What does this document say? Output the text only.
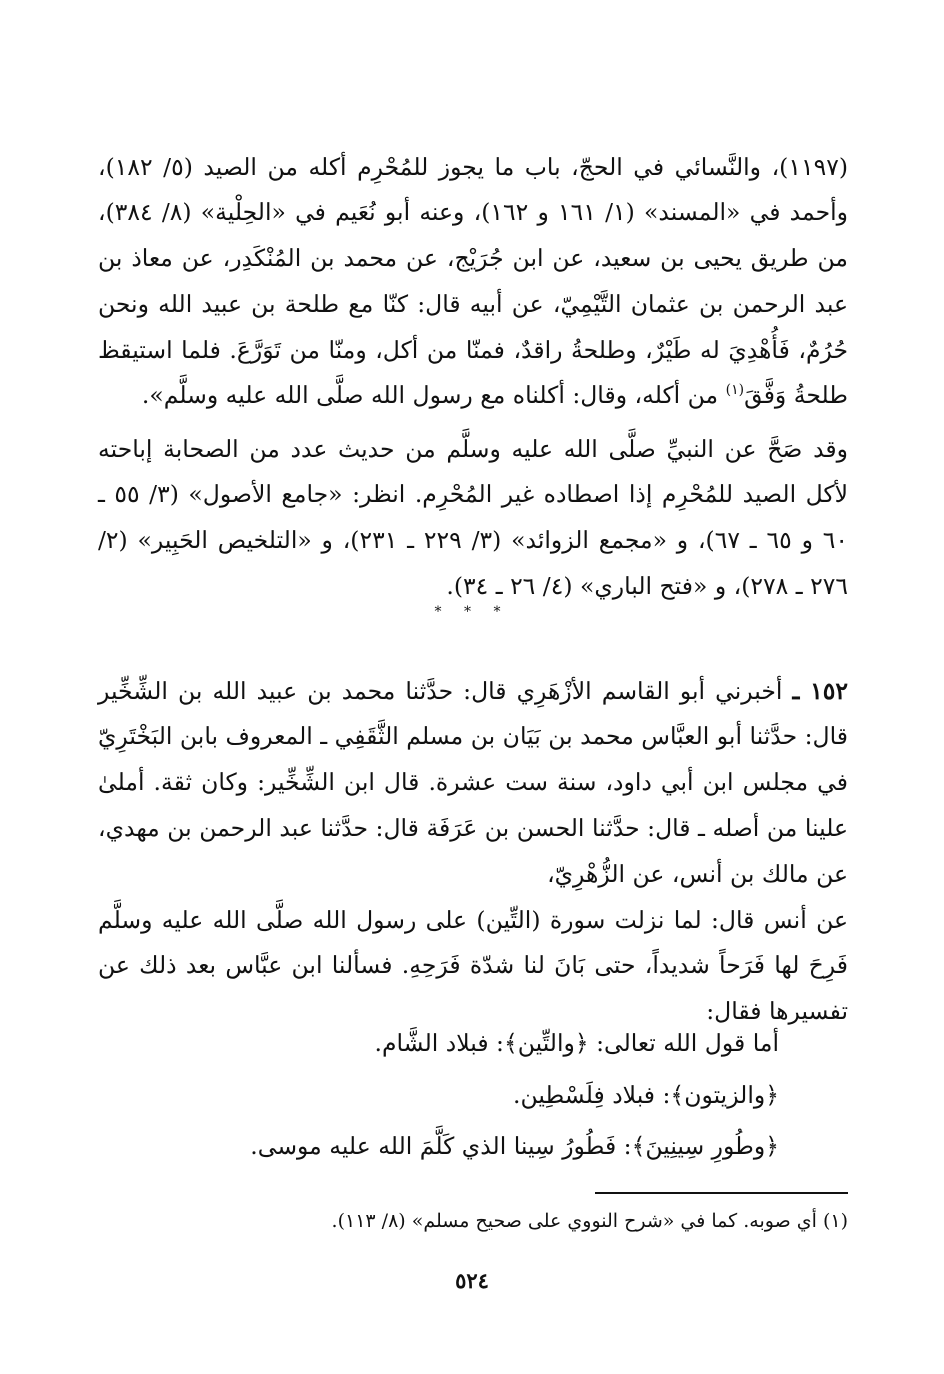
(١١٩٧)، والنَّسائي في الحجّ، باب ما يجوز للمُحْرِم أكله من الصيد (٥/ ١٨٢)، وأحمد في «المسند» (١/ ١٦١ و ١٦٢)، وعنه أبو نُعَيم في «الحِلْية» (٨/ ٣٨٤)، من طريق يحيى بن سعيد، عن ابن جُرَيْج، عن محمد بن المُنْكَدِر، عن معاذ بن عبد الرحمن بن عثمان التَّيْمِيّ، عن أبيه قال: كنّا مع طلحة بن عبيد الله ونحن حُرُمٌ، فَأُهْدِيَ له طَيْرٌ، وطلحةُ راقدٌ، فمنّا من أكل، ومنّا من تَوَرَّعَ. فلما استيقظ طلحةُ وَفَّقَ$^{(١)}$ من أكله، وقال: أكلناه مع رسول الله صلَّى الله عليه وسلَّم».

وقد صَحَّ عن النبيِّ صلَّى الله عليه وسلَّم من حديث عدد من الصحابة إباحته لأكل الصيد للمُحْرِم إذا اصطاده غير المُحْرِم. انظر: «جامع الأصول» (٣/ ٥٥ ـ ٦٠ و ٦٥ ـ ٦٧)، و «مجمع الزوائد» (٣/ ٢٢٩ ـ ٢٣١)، و «التلخيص الحَبِير» (٢/ ٢٧٦ ـ ٢٧٨)، و «فتح الباري» (٤/ ٢٦ ـ ٣٤).

* * *

١٥٢ ـ أخبرني أبو القاسم الأزْهَرِي قال: حدَّثنا محمد بن عبيد الله بن الشِّخِّير قال: حدَّثنا أبو العبَّاس محمد بن بَيَان بن مسلم الثَّقَفِي ـ المعروف بابن البَخْتَرِيّ في مجلس ابن أبي داود، سنة ست عشرة. قال ابن الشِّخِّير: وكان ثقة. أملىٰ علينا من أصله ـ قال: حدَّثنا الحسن بن عَرَفَة قال: حدَّثنا عبد الرحمن بن مهدي، عن مالك بن أنس، عن الزُّهْرِيّ،

عن أنس قال: لما نزلت سورة (التِّين) على رسول الله صلَّى الله عليه وسلَّم فَرِحَ لها فَرَحاً شديداً، حتى بَانَ لنا شدّة فَرَحِهِ. فسألنا ابن عبَّاس بعد ذلك عن تفسيرها فقال:

أما قول الله تعالى: ﴿والتِّين﴾: فبلاد الشَّام.
﴿والزيتون﴾: فبلاد فِلَسْطِين.
﴿وطُورِ سِينِينَ﴾: فَطُورُ سِينا الذي كَلَّمَ الله عليه موسى.
(١) أي صوبه. كما في «شرح النووي على صحيح مسلم» (٨/ ١١٣).
٥٢٤
